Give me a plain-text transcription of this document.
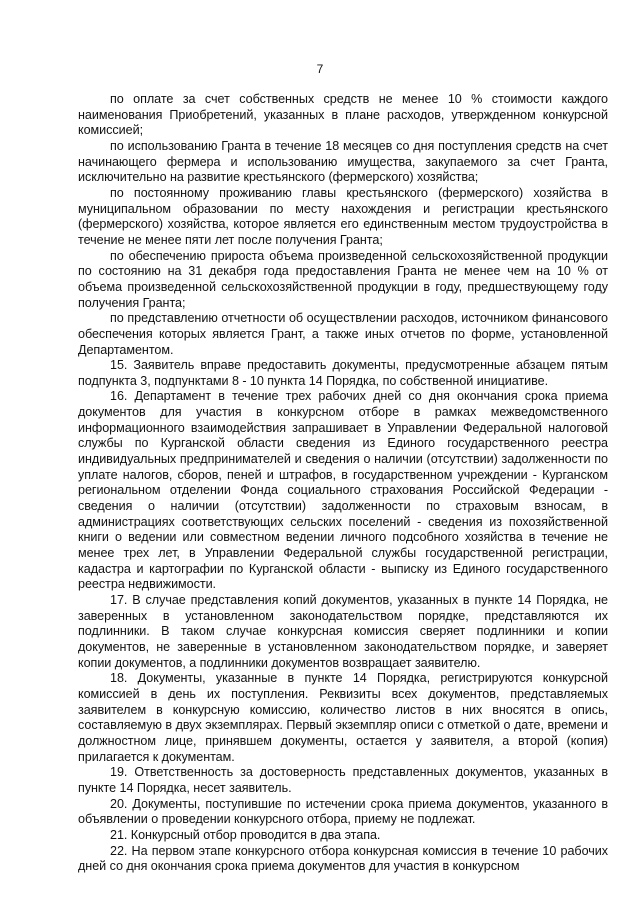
7

по оплате за счет собственных средств не менее 10 % стоимости каждого наименования Приобретений, указанных в плане расходов, утвержденном конкурсной комиссией;

по использованию Гранта в течение 18 месяцев со дня поступления средств на счет начинающего фермера и использованию имущества, закупаемого за счет Гранта, исключительно на развитие крестьянского (фермерского) хозяйства;

по постоянному проживанию главы крестьянского (фермерского) хозяйства в муниципальном образовании по месту нахождения и регистрации крестьянского (фермерского) хозяйства, которое является его единственным местом трудоустройства в течение не менее пяти лет после получения Гранта;

по обеспечению прироста объема произведенной сельскохозяйственной продукции по состоянию на 31 декабря года предоставления Гранта не менее чем на 10 % от объема произведенной сельскохозяйственной продукции в году, предшествующему году получения Гранта;

по представлению отчетности об осуществлении расходов, источником финансового обеспечения которых является Грант, а также иных отчетов по форме, установленной Департаментом.

15. Заявитель вправе предоставить документы, предусмотренные абзацем пятым подпункта 3, подпунктами 8 - 10 пункта 14 Порядка, по собственной инициативе.

16. Департамент в течение трех рабочих дней со дня окончания срока приема документов для участия в конкурсном отборе в рамках межведомственного информационного взаимодействия запрашивает в Управлении Федеральной налоговой службы по Курганской области сведения из Единого государственного реестра индивидуальных предпринимателей и сведения о наличии (отсутствии) задолженности по уплате налогов, сборов, пеней и штрафов, в государственном учреждении - Курганском региональном отделении Фонда социального страхования Российской Федерации - сведения о наличии (отсутствии) задолженности по страховым взносам, в администрациях соответствующих сельских поселений - сведения из похозяйственной книги о ведении или совместном ведении личного подсобного хозяйства в течение не менее трех лет, в Управлении Федеральной службы государственной регистрации, кадастра и картографии по Курганской области - выписку из Единого государственного реестра недвижимости.

17. В случае представления копий документов, указанных в пункте 14 Порядка, не заверенных в установленном законодательством порядке, представляются их подлинники. В таком случае конкурсная комиссия сверяет подлинники и копии документов, не заверенные в установленном законодательством порядке, и заверяет копии документов, а подлинники документов возвращает заявителю.

18. Документы, указанные в пункте 14 Порядка, регистрируются конкурсной комиссией в день их поступления. Реквизиты всех документов, представляемых заявителем в конкурсную комиссию, количество листов в них вносятся в опись, составляемую в двух экземплярах. Первый экземпляр описи с отметкой о дате, времени и должностном лице, принявшем документы, остается у заявителя, а второй (копия) прилагается к документам.

19. Ответственность за достоверность представленных документов, указанных в пункте 14 Порядка, несет заявитель.

20. Документы, поступившие по истечении срока приема документов, указанного в объявлении о проведении конкурсного отбора, приему не подлежат.

21. Конкурсный отбор проводится в два этапа.

22. На первом этапе конкурсного отбора конкурсная комиссия в течение 10 рабочих дней со дня окончания срока приема документов для участия в конкурсном
